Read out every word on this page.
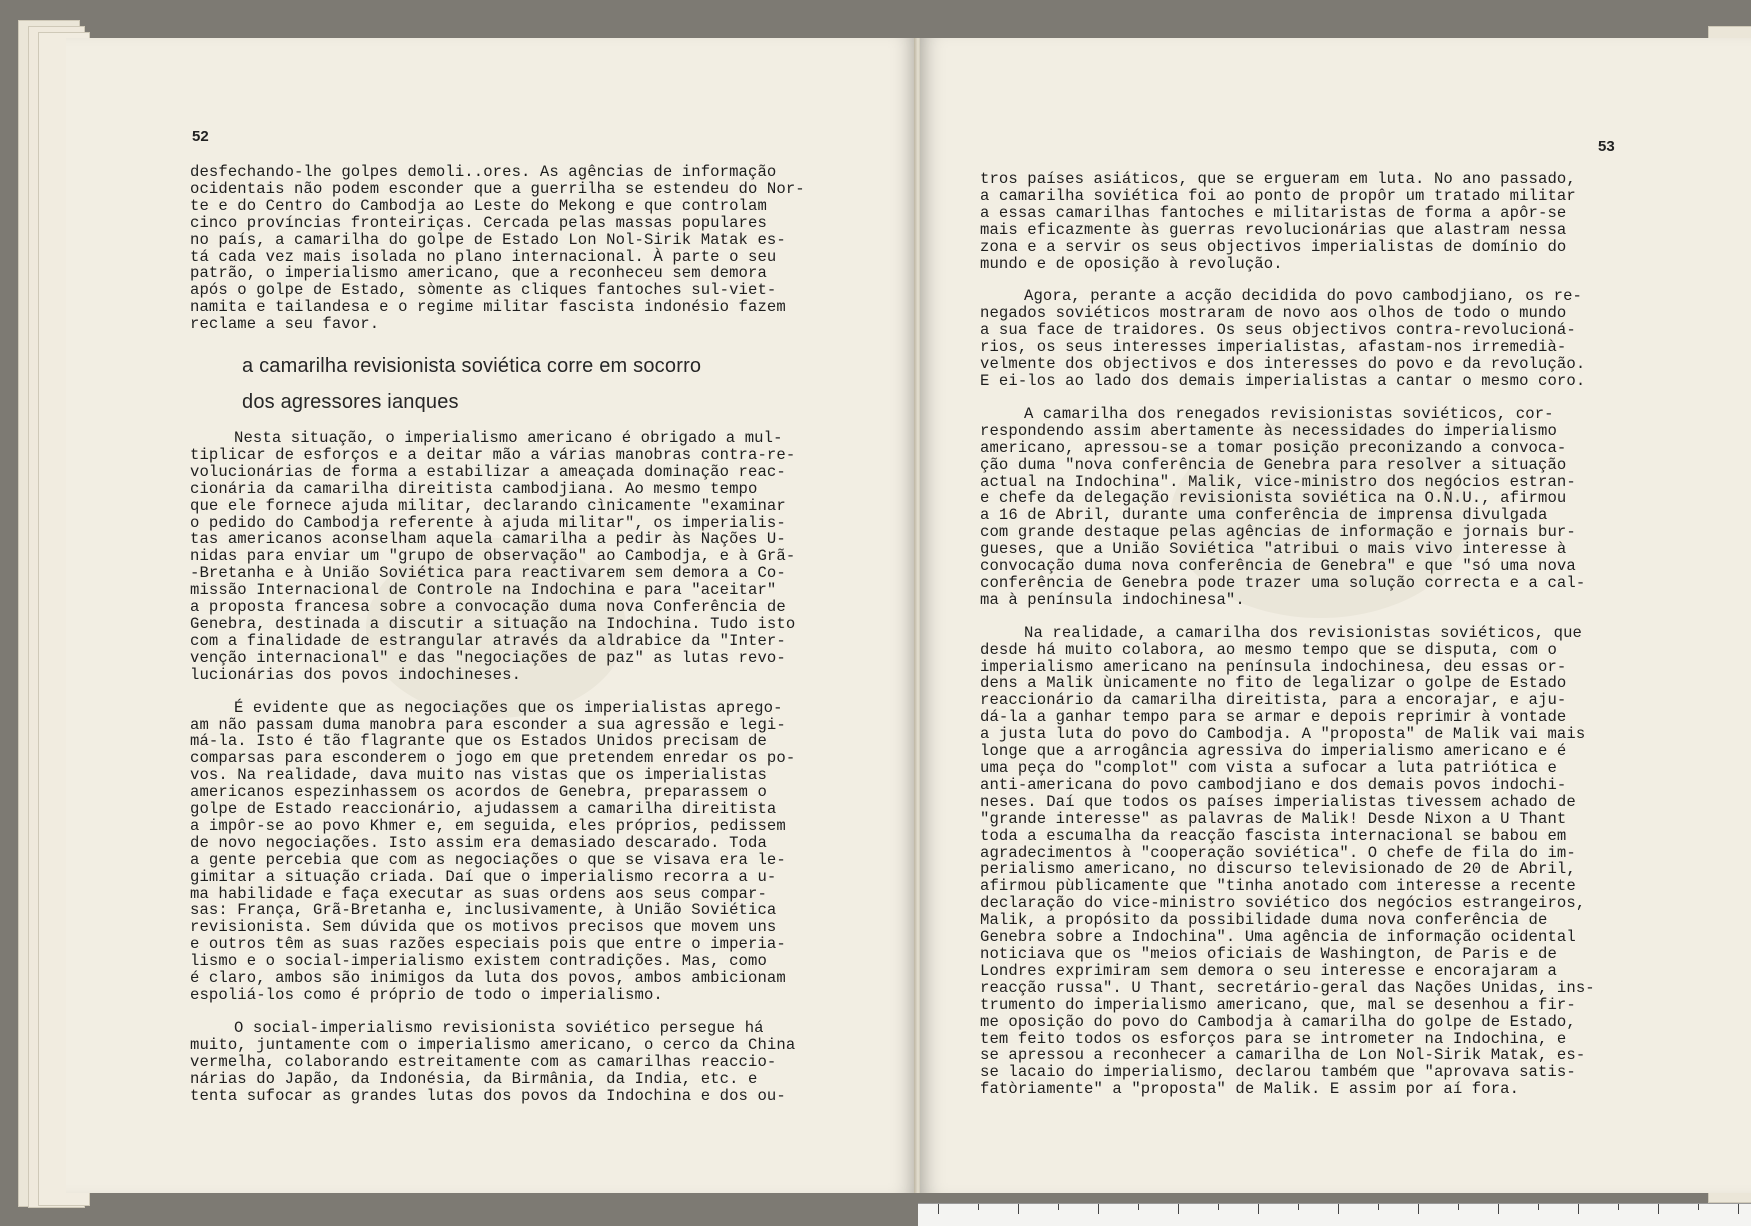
52

desfechando-lhe golpes demoli..ores. As agências de informação
ocidentais não podem esconder que a guerrilha se estendeu do Nor-
te e do Centro do Cambodja ao Leste do Mekong e que controlam
cinco províncias fronteiriças. Cercada pelas massas populares
no país, a camarilha do golpe de Estado Lon Nol-Sirik Matak es-
tá cada vez mais isolada no plano internacional. À parte o seu
patrão, o imperialismo americano, que a reconheceu sem demora
após o golpe de Estado, sòmente as cliques fantoches sul-viet-
namita e tailandesa e o regime militar fascista indonésio fazem
reclame a seu favor.

a camarilha revisionista soviética corre em socorro
dos agressores ianques

Nesta situação, o imperialismo americano é obrigado a mul-
tiplicar de esforços e a deitar mão a várias manobras contra-re-
volucionárias de forma a estabilizar a ameaçada dominação reac-
cionária da camarilha direitista cambodjiana. Ao mesmo tempo
que ele fornece ajuda militar, declarando cìnicamente "examinar
o pedido do Cambodja referente à ajuda militar", os imperialis-
tas americanos aconselham aquela camarilha a pedir às Nações U-
nidas para enviar um "grupo de observação" ao Cambodja, e à Grã-
-Bretanha e à União Soviética para reactivarem sem demora a Co-
missão Internacional de Controle na Indochina e para "aceitar"
a proposta francesa sobre a convocação duma nova Conferência de
Genebra, destinada a discutir a situação na Indochina. Tudo isto
com a finalidade de estrangular através da aldrabice da "Inter-
venção internacional" e das "negociações de paz" as lutas revo-
lucionárias dos povos indochineses.

É evidente que as negociações que os imperialistas aprego-
am não passam duma manobra para esconder a sua agressão e legi-
má-la. Isto é tão flagrante que os Estados Unidos precisam de
comparsas para esconderem o jogo em que pretendem enredar os po-
vos. Na realidade, dava muito nas vistas que os imperialistas
americanos espezinhassem os acordos de Genebra, preparassem o
golpe de Estado reaccionário, ajudassem a camarilha direitista
a impôr-se ao povo Khmer e, em seguida, eles próprios, pedissem
de novo negociações. Isto assim era demasiado descarado. Toda
a gente percebia que com as negociações o que se visava era le-
gimitar a situação criada. Daí que o imperialismo recorra a u-
ma habilidade e faça executar as suas ordens aos seus compar-
sas: França, Grã-Bretanha e, inclusivamente, à União Soviética
revisionista. Sem dúvida que os motivos precisos que movem uns
e outros têm as suas razões especiais pois que entre o imperia-
lismo e o social-imperialismo existem contradições. Mas, como
é claro, ambos são inimigos da luta dos povos, ambos ambicionam
espoliá-los como é próprio de todo o imperialismo.

O social-imperialismo revisionista soviético persegue há
muito, juntamente com o imperialismo americano, o cerco da China
vermelha, colaborando estreitamente com as camarilhas reaccio-
nárias do Japão, da Indonésia, da Birmânia, da India, etc. e
tenta sufocar as grandes lutas dos povos da Indochina e dos ou-

53

tros países asiáticos, que se ergueram em luta. No ano passado,
a camarilha soviética foi ao ponto de propôr um tratado militar
a essas camarilhas fantoches e militaristas de forma a apôr-se
mais eficazmente às guerras revolucionárias que alastram nessa
zona e a servir os seus objectivos imperialistas de domínio do
mundo e de oposição à revolução.

Agora, perante a acção decidida do povo cambodjiano, os re-
negados soviéticos mostraram de novo aos olhos de todo o mundo
a sua face de traidores. Os seus objectivos contra-revolucioná-
rios, os seus interesses imperialistas, afastam-nos irremedià-
velmente dos objectivos e dos interesses do povo e da revolução.
E ei-los ao lado dos demais imperialistas a cantar o mesmo coro.

A camarilha dos renegados revisionistas soviéticos, cor-
respondendo assim abertamente às necessidades do imperialismo
americano, apressou-se a tomar posição preconizando a convoca-
ção duma "nova conferência de Genebra para resolver a situação
actual na Indochina". Malik, vice-ministro dos negócios estran-
e chefe da delegação revisionista soviética na O.N.U., afirmou
a 16 de Abril, durante uma conferência de imprensa divulgada
com grande destaque pelas agências de informação e jornais bur-
gueses, que a União Soviética "atribui o mais vivo interesse à
convocação duma nova conferência de Genebra" e que "só uma nova
conferência de Genebra pode trazer uma solução correcta e a cal-
ma à península indochinesa".

Na realidade, a camarilha dos revisionistas soviéticos, que
desde há muito colabora, ao mesmo tempo que se disputa, com o
imperialismo americano na península indochinesa, deu essas or-
dens a Malik ùnicamente no fito de legalizar o golpe de Estado
reaccionário da camarilha direitista, para a encorajar, e aju-
dá-la a ganhar tempo para se armar e depois reprimir à vontade
a justa luta do povo do Cambodja. A "proposta" de Malik vai mais
longe que a arrogância agressiva do imperialismo americano e é
uma peça do "complot" com vista a sufocar a luta patriótica e
anti-americana do povo cambodjiano e dos demais povos indochi-
neses. Daí que todos os países imperialistas tivessem achado de
"grande interesse" as palavras de Malik! Desde Nixon a U Thant
toda a escumalha da reacção fascista internacional se babou em
agradecimentos à "cooperação soviética". O chefe de fila do im-
perialismo americano, no discurso televisionado de 20 de Abril,
afirmou pùblicamente que "tinha anotado com interesse a recente
declaração do vice-ministro soviético dos negócios estrangeiros,
Malik, a propósito da possibilidade duma nova conferência de
Genebra sobre a Indochina". Uma agência de informação ocidental
noticiava que os "meios oficiais de Washington, de Paris e de
Londres exprimiram sem demora o seu interesse e encorajaram a
reacção russa". U Thant, secretário-geral das Nações Unidas, ins-
trumento do imperialismo americano, que, mal se desenhou a fir-
me oposição do povo do Cambodja à camarilha do golpe de Estado,
tem feito todos os esforços para se intrometer na Indochina, e
se apressou a reconhecer a camarilha de Lon Nol-Sirik Matak, es-
se lacaio do imperialismo, declarou também que "aprovava satis-
fatòriamente" a "proposta" de Malik. E assim por aí fora.
